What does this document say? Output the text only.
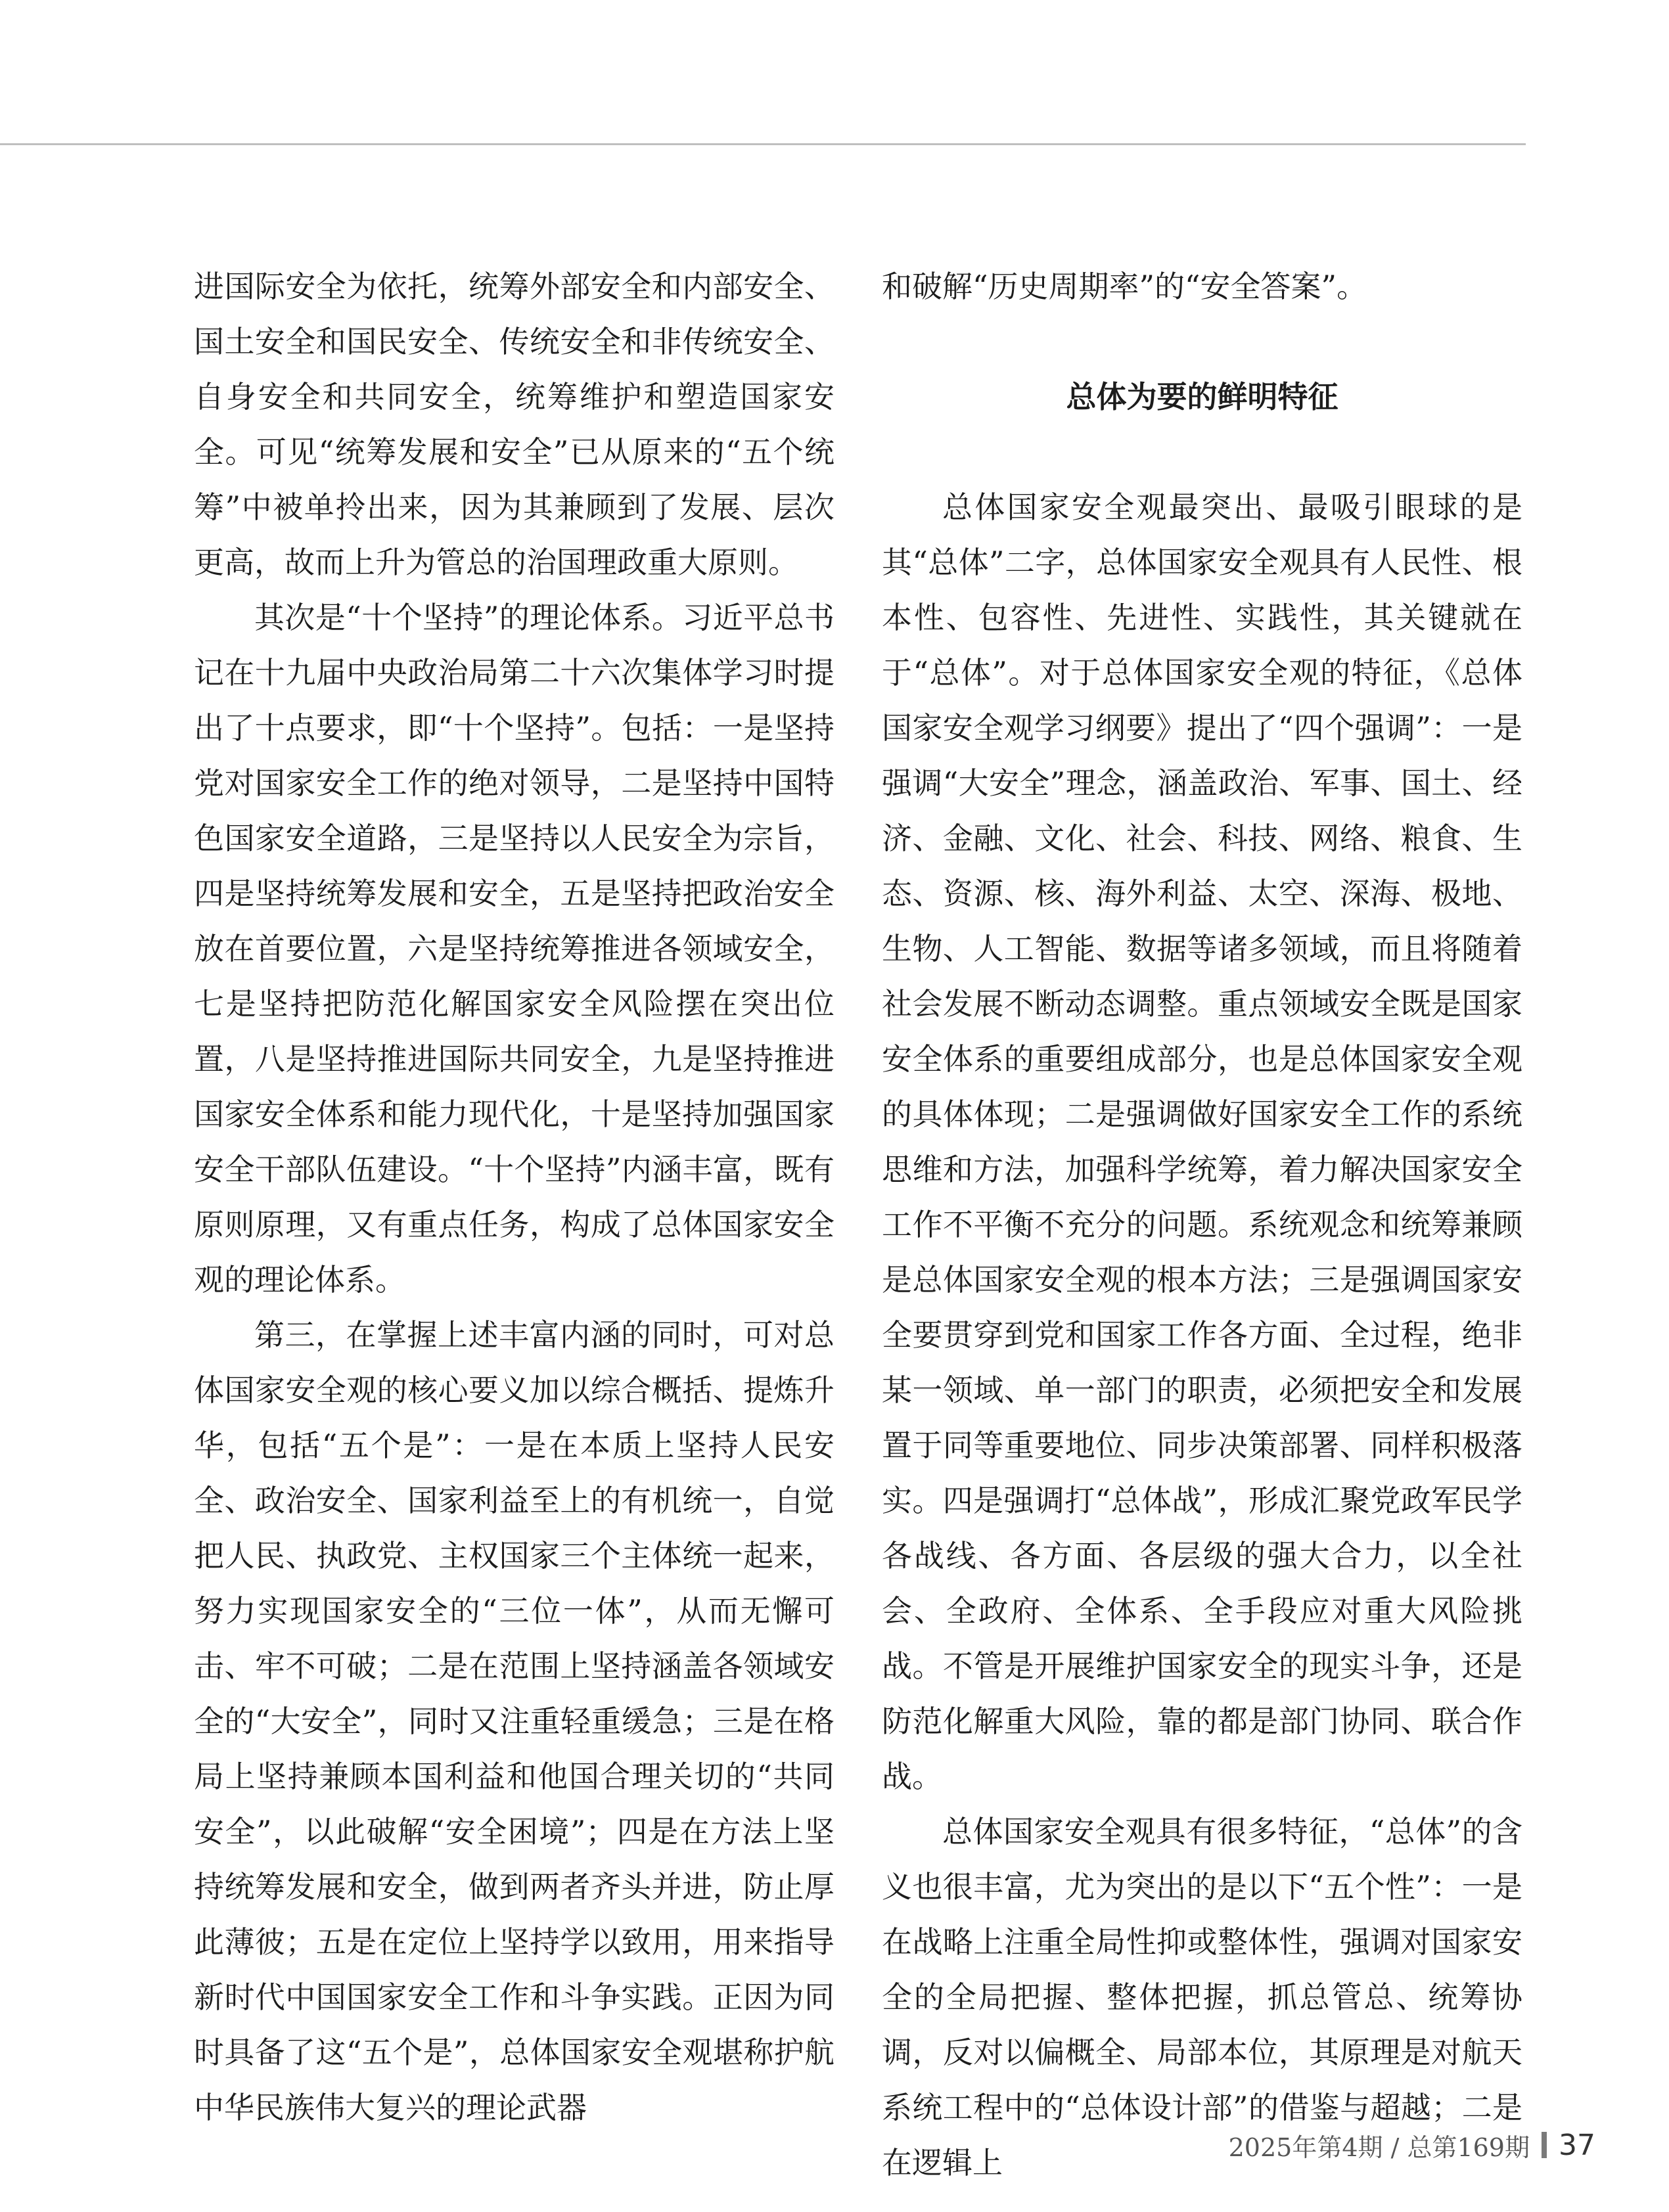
进国际安全为依托，统筹外部安全和内部安全、国土安全和国民安全、传统安全和非传统安全、自身安全和共同安全，统筹维护和塑造国家安全。可见“统筹发展和安全”已从原来的“五个统筹”中被单拎出来，因为其兼顾到了发展、层次更高，故而上升为管总的治国理政重大原则。

其次是“十个坚持”的理论体系。习近平总书记在十九届中央政治局第二十六次集体学习时提出了十点要求，即“十个坚持”。包括：一是坚持党对国家安全工作的绝对领导，二是坚持中国特色国家安全道路，三是坚持以人民安全为宗旨，四是坚持统筹发展和安全，五是坚持把政治安全放在首要位置，六是坚持统筹推进各领域安全，七是坚持把防范化解国家安全风险摆在突出位置，八是坚持推进国际共同安全，九是坚持推进国家安全体系和能力现代化，十是坚持加强国家安全干部队伍建设。“十个坚持”内涵丰富，既有原则原理，又有重点任务，构成了总体国家安全观的理论体系。

第三，在掌握上述丰富内涵的同时，可对总体国家安全观的核心要义加以综合概括、提炼升华，包括“五个是”：一是在本质上坚持人民安全、政治安全、国家利益至上的有机统一，自觉把人民、执政党、主权国家三个主体统一起来，努力实现国家安全的“三位一体”，从而无懈可击、牢不可破；二是在范围上坚持涵盖各领域安全的“大安全”，同时又注重轻重缓急；三是在格局上坚持兼顾本国利益和他国合理关切的“共同安全”，以此破解“安全困境”；四是在方法上坚持统筹发展和安全，做到两者齐头并进，防止厚此薄彼；五是在定位上坚持学以致用，用来指导新时代中国国家安全工作和斗争实践。正因为同时具备了这“五个是”，总体国家安全观堪称护航中华民族伟大复兴的理论武器

和破解“历史周期率”的“安全答案”。

总体为要的鲜明特征

总体国家安全观最突出、最吸引眼球的是其“总体”二字，总体国家安全观具有人民性、根本性、包容性、先进性、实践性，其关键就在于“总体”。对于总体国家安全观的特征，《总体国家安全观学习纲要》提出了“四个强调”：一是强调“大安全”理念，涵盖政治、军事、国土、经济、金融、文化、社会、科技、网络、粮食、生态、资源、核、海外利益、太空、深海、极地、生物、人工智能、数据等诸多领域，而且将随着社会发展不断动态调整。重点领域安全既是国家安全体系的重要组成部分，也是总体国家安全观的具体体现；二是强调做好国家安全工作的系统思维和方法，加强科学统筹，着力解决国家安全工作不平衡不充分的问题。系统观念和统筹兼顾是总体国家安全观的根本方法；三是强调国家安全要贯穿到党和国家工作各方面、全过程，绝非某一领域、单一部门的职责，必须把安全和发展置于同等重要地位、同步决策部署、同样积极落实。四是强调打“总体战”，形成汇聚党政军民学各战线、各方面、各层级的强大合力，以全社会、全政府、全体系、全手段应对重大风险挑战。不管是开展维护国家安全的现实斗争，还是防范化解重大风险，靠的都是部门协同、联合作战。

总体国家安全观具有很多特征，“总体”的含义也很丰富，尤为突出的是以下“五个性”：一是在战略上注重全局性抑或整体性，强调对国家安全的全局把握、整体把握，抓总管总、统筹协调，反对以偏概全、局部本位，其原理是对航天系统工程中的“总体设计部”的借鉴与超越；二是在逻辑上	2025年第4期 / 总第169期 37
